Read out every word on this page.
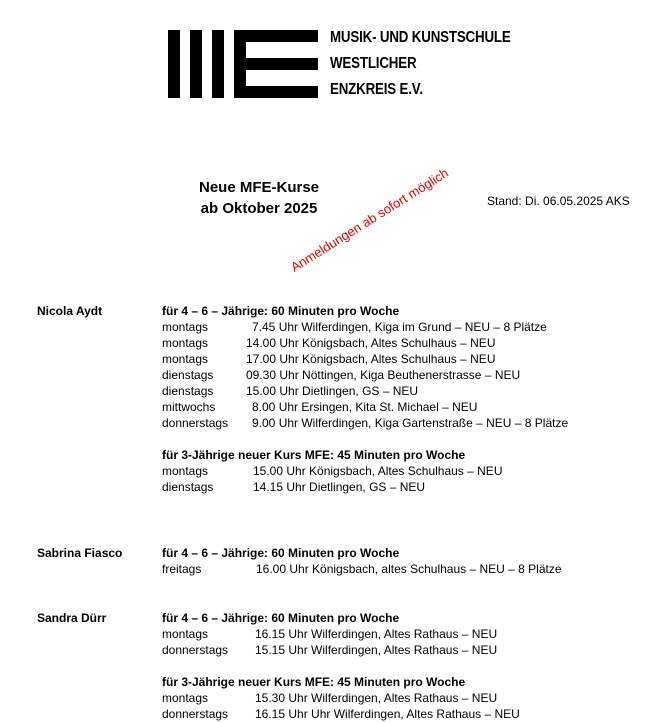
MUSIK- UND KUNSTSCHULE
WESTLICHER
ENZKREIS E.V.
Neue MFE-Kurse
ab Oktober 2025	Stand: Di. 06.05.2025 AKS
Anmeldungen ab sofort möglich
Nicola Aydt	für 4 – 6 – Jährige: 60 Minuten pro Woche
montags	7.45 Uhr Wilferdingen, Kiga im Grund – NEU – 8 Plätze
montags	14.00 Uhr Königsbach, Altes Schulhaus – NEU
montags	17.00 Uhr Königsbach, Altes Schulhaus – NEU
dienstags	09.30 Uhr Nöttingen, Kiga Beuthenerstrasse – NEU
dienstags	15.00 Uhr Dietlingen, GS – NEU
mittwochs	8.00 Uhr Ersingen, Kita St. Michael – NEU
donnerstags 9.00 Uhr Wilferdingen, Kiga Gartenstraße – NEU – 8 Plätze
für 3-Jährige neuer Kurs MFE: 45 Minuten pro Woche
montags	15.00 Uhr Königsbach, Altes Schulhaus – NEU
dienstags	14.15 Uhr Dietlingen, GS – NEU
Sabrina Fiasco	für 4 – 6 – Jährige: 60 Minuten pro Woche
freitags	16.00 Uhr Königsbach, altes Schulhaus – NEU – 8 Plätze
Sandra Dürr	für 4 – 6 – Jährige: 60 Minuten pro Woche
montags	16.15 Uhr Wilferdingen, Altes Rathaus – NEU
donnerstags 15.15 Uhr Wilferdingen, Altes Rathaus – NEU
für 3-Jährige neuer Kurs MFE: 45 Minuten pro Woche
montags	15.30 Uhr Wilferdingen, Altes Rathaus – NEU
donnerstags 16.15 Uhr Uhr Wilferdingen, Altes Rathaus – NEU
